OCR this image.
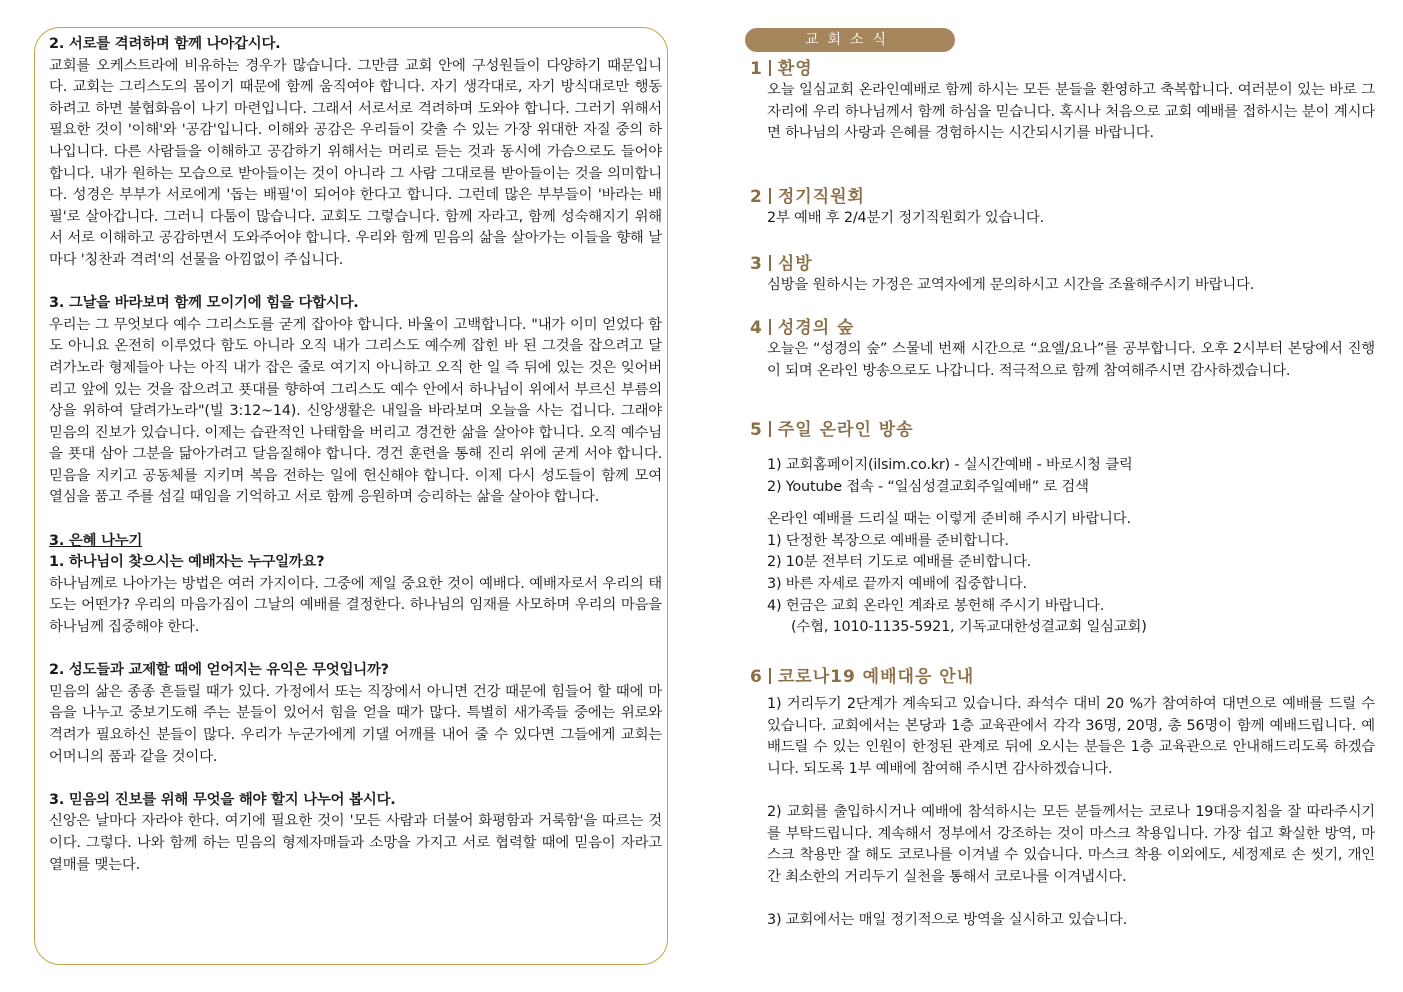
2. 서로를 격려하며 함께 나아갑시다.

교회를 오케스트라에 비유하는 경우가 많습니다. 그만큼 교회 안에 구성원들이 다양하기 때문입니다. 교회는 그리스도의 몸이기 때문에 함께 움직여야 합니다. 자기 생각대로, 자기 방식대로만 행동하려고 하면 불협화음이 나기 마련입니다. 그래서 서로서로 격려하며 도와야 합니다. 그러기 위해서 필요한 것이 '이해'와 '공감'입니다. 이해와 공감은 우리들이 갖출 수 있는 가장 위대한 자질 중의 하나입니다. 다른 사람들을 이해하고 공감하기 위해서는 머리로 듣는 것과 동시에 가슴으로도 들어야 합니다. 내가 원하는 모습으로 받아들이는 것이 아니라 그 사람 그대로를 받아들이는 것을 의미합니다. 성경은 부부가 서로에게 '돕는 배필'이 되어야 한다고 합니다. 그런데 많은 부부들이 '바라는 배필'로 살아갑니다. 그러니 다툼이 많습니다. 교회도 그렇습니다. 함께 자라고, 함께 성숙해지기 위해서 서로 이해하고 공감하면서 도와주어야 합니다. 우리와 함께 믿음의 삶을 살아가는 이들을 향해 날마다 '칭찬과 격려'의 선물을 아낌없이 주십니다.

3. 그날을 바라보며 함께 모이기에 힘을 다합시다.

우리는 그 무엇보다 예수 그리스도를 굳게 잡아야 합니다. 바울이 고백합니다. "내가 이미 얻었다 함도 아니요 온전히 이루었다 함도 아니라 오직 내가 그리스도 예수께 잡힌 바 된 그것을 잡으려고 달려가노라 형제들아 나는 아직 내가 잡은 줄로 여기지 아니하고 오직 한 일 즉 뒤에 있는 것은 잊어버리고 앞에 있는 것을 잡으려고 푯대를 향하여 그리스도 예수 안에서 하나님이 위에서 부르신 부름의 상을 위하여 달려가노라"(빌 3:12~14). 신앙생활은 내일을 바라보며 오늘을 사는 겁니다. 그래야 믿음의 진보가 있습니다. 이제는 습관적인 나태함을 버리고 경건한 삶을 살아야 합니다. 오직 예수님을 푯대 삼아 그분을 닮아가려고 달음질해야 합니다. 경건 훈련을 통해 진리 위에 굳게 서야 합니다. 믿음을 지키고 공동체를 지키며 복음 전하는 일에 헌신해야 합니다. 이제 다시 성도들이 함께 모여 열심을 품고 주를 섬길 때임을 기억하고 서로 함께 응원하며 승리하는 삶을 살아야 합니다.

3. 은혜 나누기
1. 하나님이 찾으시는 예배자는 누구일까요?

하나님께로 나아가는 방법은 여러 가지이다. 그중에 제일 중요한 것이 예배다. 예배자로서 우리의 태도는 어떤가? 우리의 마음가짐이 그날의 예배를 결정한다. 하나님의 임재를 사모하며 우리의 마음을 하나님께 집중해야 한다.

2. 성도들과 교제할 때에 얻어지는 유익은 무엇입니까?

믿음의 삶은 종종 흔들릴 때가 있다. 가정에서 또는 직장에서 아니면 건강 때문에 힘들어 할 때에 마음을 나누고 중보기도해 주는 분들이 있어서 힘을 얻을 때가 많다. 특별히 새가족들 중에는 위로와 격려가 필요하신 분들이 많다. 우리가 누군가에게 기댈 어깨를 내어 줄 수 있다면 그들에게 교회는 어머니의 품과 같을 것이다.

3. 믿음의 진보를 위해 무엇을 해야 할지 나누어 봅시다.

신앙은 날마다 자라야 한다. 여기에 필요한 것이 '모든 사람과 더불어 화평함과 거룩함'을 따르는 것이다. 그렇다. 나와 함께 하는 믿음의 형제자매들과 소망을 가지고 서로 협력할 때에 믿음이 자라고 열매를 맺는다.

교회소식
1 환영

오늘 일심교회 온라인예배로 함께 하시는 모든 분들을 환영하고 축복합니다. 여러분이 있는 바로 그 자리에 우리 하나님께서 함께 하심을 믿습니다. 혹시나 처음으로 교회 예배를 접하시는 분이 계시다면 하나님의 사랑과 은혜를 경험하시는 시간되시기를 바랍니다.

2 정기직원회

2부 예배 후 2/4분기 정기직원회가 있습니다.

3 심방

심방을 원하시는 가정은 교역자에게 문의하시고 시간을 조율해주시기 바랍니다.

4 성경의 숲

오늘은 “성경의 숲” 스물네 번째 시간으로 “요엘/요나”를 공부합니다. 오후 2시부터 본당에서 진행이 되며 온라인 방송으로도 나갑니다. 적극적으로 함께 참여해주시면 감사하겠습니다.

5 주일 온라인 방송
1) 교회홈페이지(ilsim.co.kr) - 실시간예배 - 바로시청 클릭
2) Youtube 접속 - “일심성결교회주일예배” 로 검색
온라인 예배를 드리실 때는 이렇게 준비해 주시기 바랍니다.
1) 단정한 복장으로 예배를 준비합니다.
2) 10분 전부터 기도로 예배를 준비합니다.
3) 바른 자세로 끝까지 예배에 집중합니다.
4) 헌금은 교회 온라인 계좌로 봉헌해 주시기 바랍니다.
(수협, 1010-1135-5921, 기독교대한성결교회 일심교회)
6 코로나19 예배대응 안내

1) 거리두기 2단계가 계속되고 있습니다. 좌석수 대비 20 %가 참여하여 대면으로 예배를 드릴 수 있습니다. 교회에서는 본당과 1층 교육관에서 각각 36명, 20명, 총 56명이 함께 예배드립니다. 예배드릴 수 있는 인원이 한정된 관계로 뒤에 오시는 분들은 1층 교육관으로 안내해드리도록 하겠습니다. 되도록 1부 예배에 참여해 주시면 감사하겠습니다.

2) 교회를 출입하시거나 예배에 참석하시는 모든 분들께서는 코로나 19대응지침을 잘 따라주시기를 부탁드립니다. 계속해서 정부에서 강조하는 것이 마스크 착용입니다. 가장 쉽고 확실한 방역, 마스크 착용만 잘 해도 코로나를 이겨낼 수 있습니다. 마스크 착용 이외에도, 세정제로 손 씻기, 개인 간 최소한의 거리두기 실천을 통해서 코로나를 이겨냅시다.

3) 교회에서는 매일 정기적으로 방역을 실시하고 있습니다.
